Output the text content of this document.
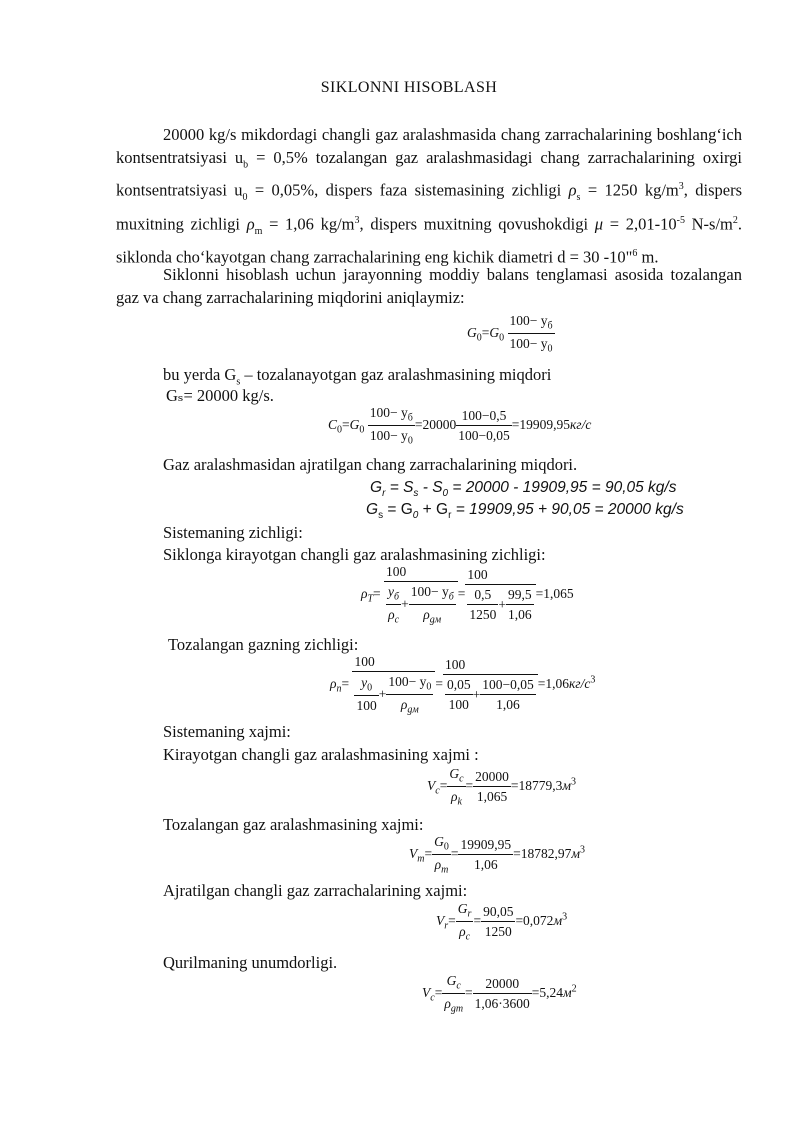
SIKLONNI HISOBLASH
20000 kg/s mikdordagi changli gaz aralashmasida chang zarrachalarining boshlang‘ich kontsentratsiyasi $u_b = 0,5\%$ tozalangan gaz aralashmasidagi chang zarrachalarining oxirgi kontsentratsiyasi $u_0 = 0,05\%$, dispers faza sistemasining zichligi $\rho_s = 1250$ $kg/m^3$, dispers muxitning zichligi $\rho_m = 1,06$ $kg/m^3$, dispers muxitning qovushokdigi $\mu = 2,01-10^{-5}$ $N-s/m^2$. siklonda cho‘kayotgan chang zarrachalarining eng kichik diametri d = 30 -10"$^6$ m.
Siklonni hisoblash uchun jarayonning moddiy balans tenglamasi asosida tozalangan gaz va chang zarrachalarining miqdorini aniqlaymiz:
$G_0=G_0$
$100- y_б$
$100- y_0$
bu yerda $G_s$ – tozalanayotgan gaz aralashmasining miqdori
Gₛ= 20000 kg/s.
$C_0=G_0$
$100- y_б$
$100- y_0$
$=20000 \frac{100-0,5}{100-0,05} =19909,95кг/с$
Gaz aralashmasidan ajratilgan chang zarrachalarining miqdori.
$G_r = S_s - S_0 = 20000 - 19909,95 = 90,05$ kg/s
$G_s = G_0 + G_r = 19909,95 + 90,05 = 20000$ kg/s
Sistemaning zichligi:
Siklonga kirayotgan changli gaz aralashmasining zichligi:
$\rho_T=$
100
$y_б$
$\rho_с$
+
$100- y_б$
$\rho_{gм}$
= $\frac{100}{\frac{0,5}{1250} + \frac{99,5}{1,06}} =1,065$
Tozalangan gazning zichligi:
$\rho_n=$
100
$\frac{y_0}{100}$ +
$100- y_0$
$\rho_{gм}$
= $\frac{100}{\frac{0,05}{100} + \frac{100-0,05}{1,06}} =1,06кг/с^3$
Sistemaning xajmi:
Kirayotgan changli gaz aralashmasining xajmi :
$V_c= \frac{G_c}{\rho_k} = \frac{20000}{1,065} =18779,3м^3$
Tozalangan gaz aralashmasining xajmi:
$V_m= \frac{G_0}{\rho_m} = \frac{19909,95}{1,06} =18782,97м^3$
Ajratilgan changli gaz zarrachalarining xajmi:
$V_r= \frac{G_r}{\rho_c} = \frac{90,05}{1250} =0,072м^3$
Qurilmaning unumdorligi.
$V_c=$
$G_c$
$\rho_{gm}$
= $\frac{20000}{1,06\cdot 3600} =5,24м^2$
